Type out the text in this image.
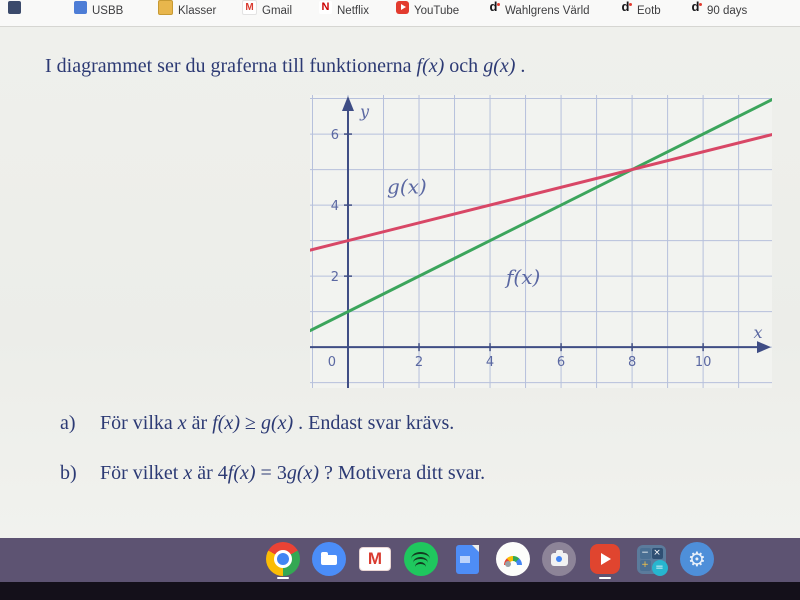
USBB	Klasser M	Gmail N	Netflix	YouTube d	Wahlgrens Värld d	Eotb d	90 days

I diagrammet ser du graferna till funktionerna f(x) och g(x) .

2	4	6	8	10
2
4
6
0
x
y
f(x)
g(x)

a) För vilka x är f(x) ≥ g(x) . Endast svar krävs.

b) För vilket x är 4f(x) = 3g(x) ? Motivera ditt svar.

M
− ×
+ =	⚙
